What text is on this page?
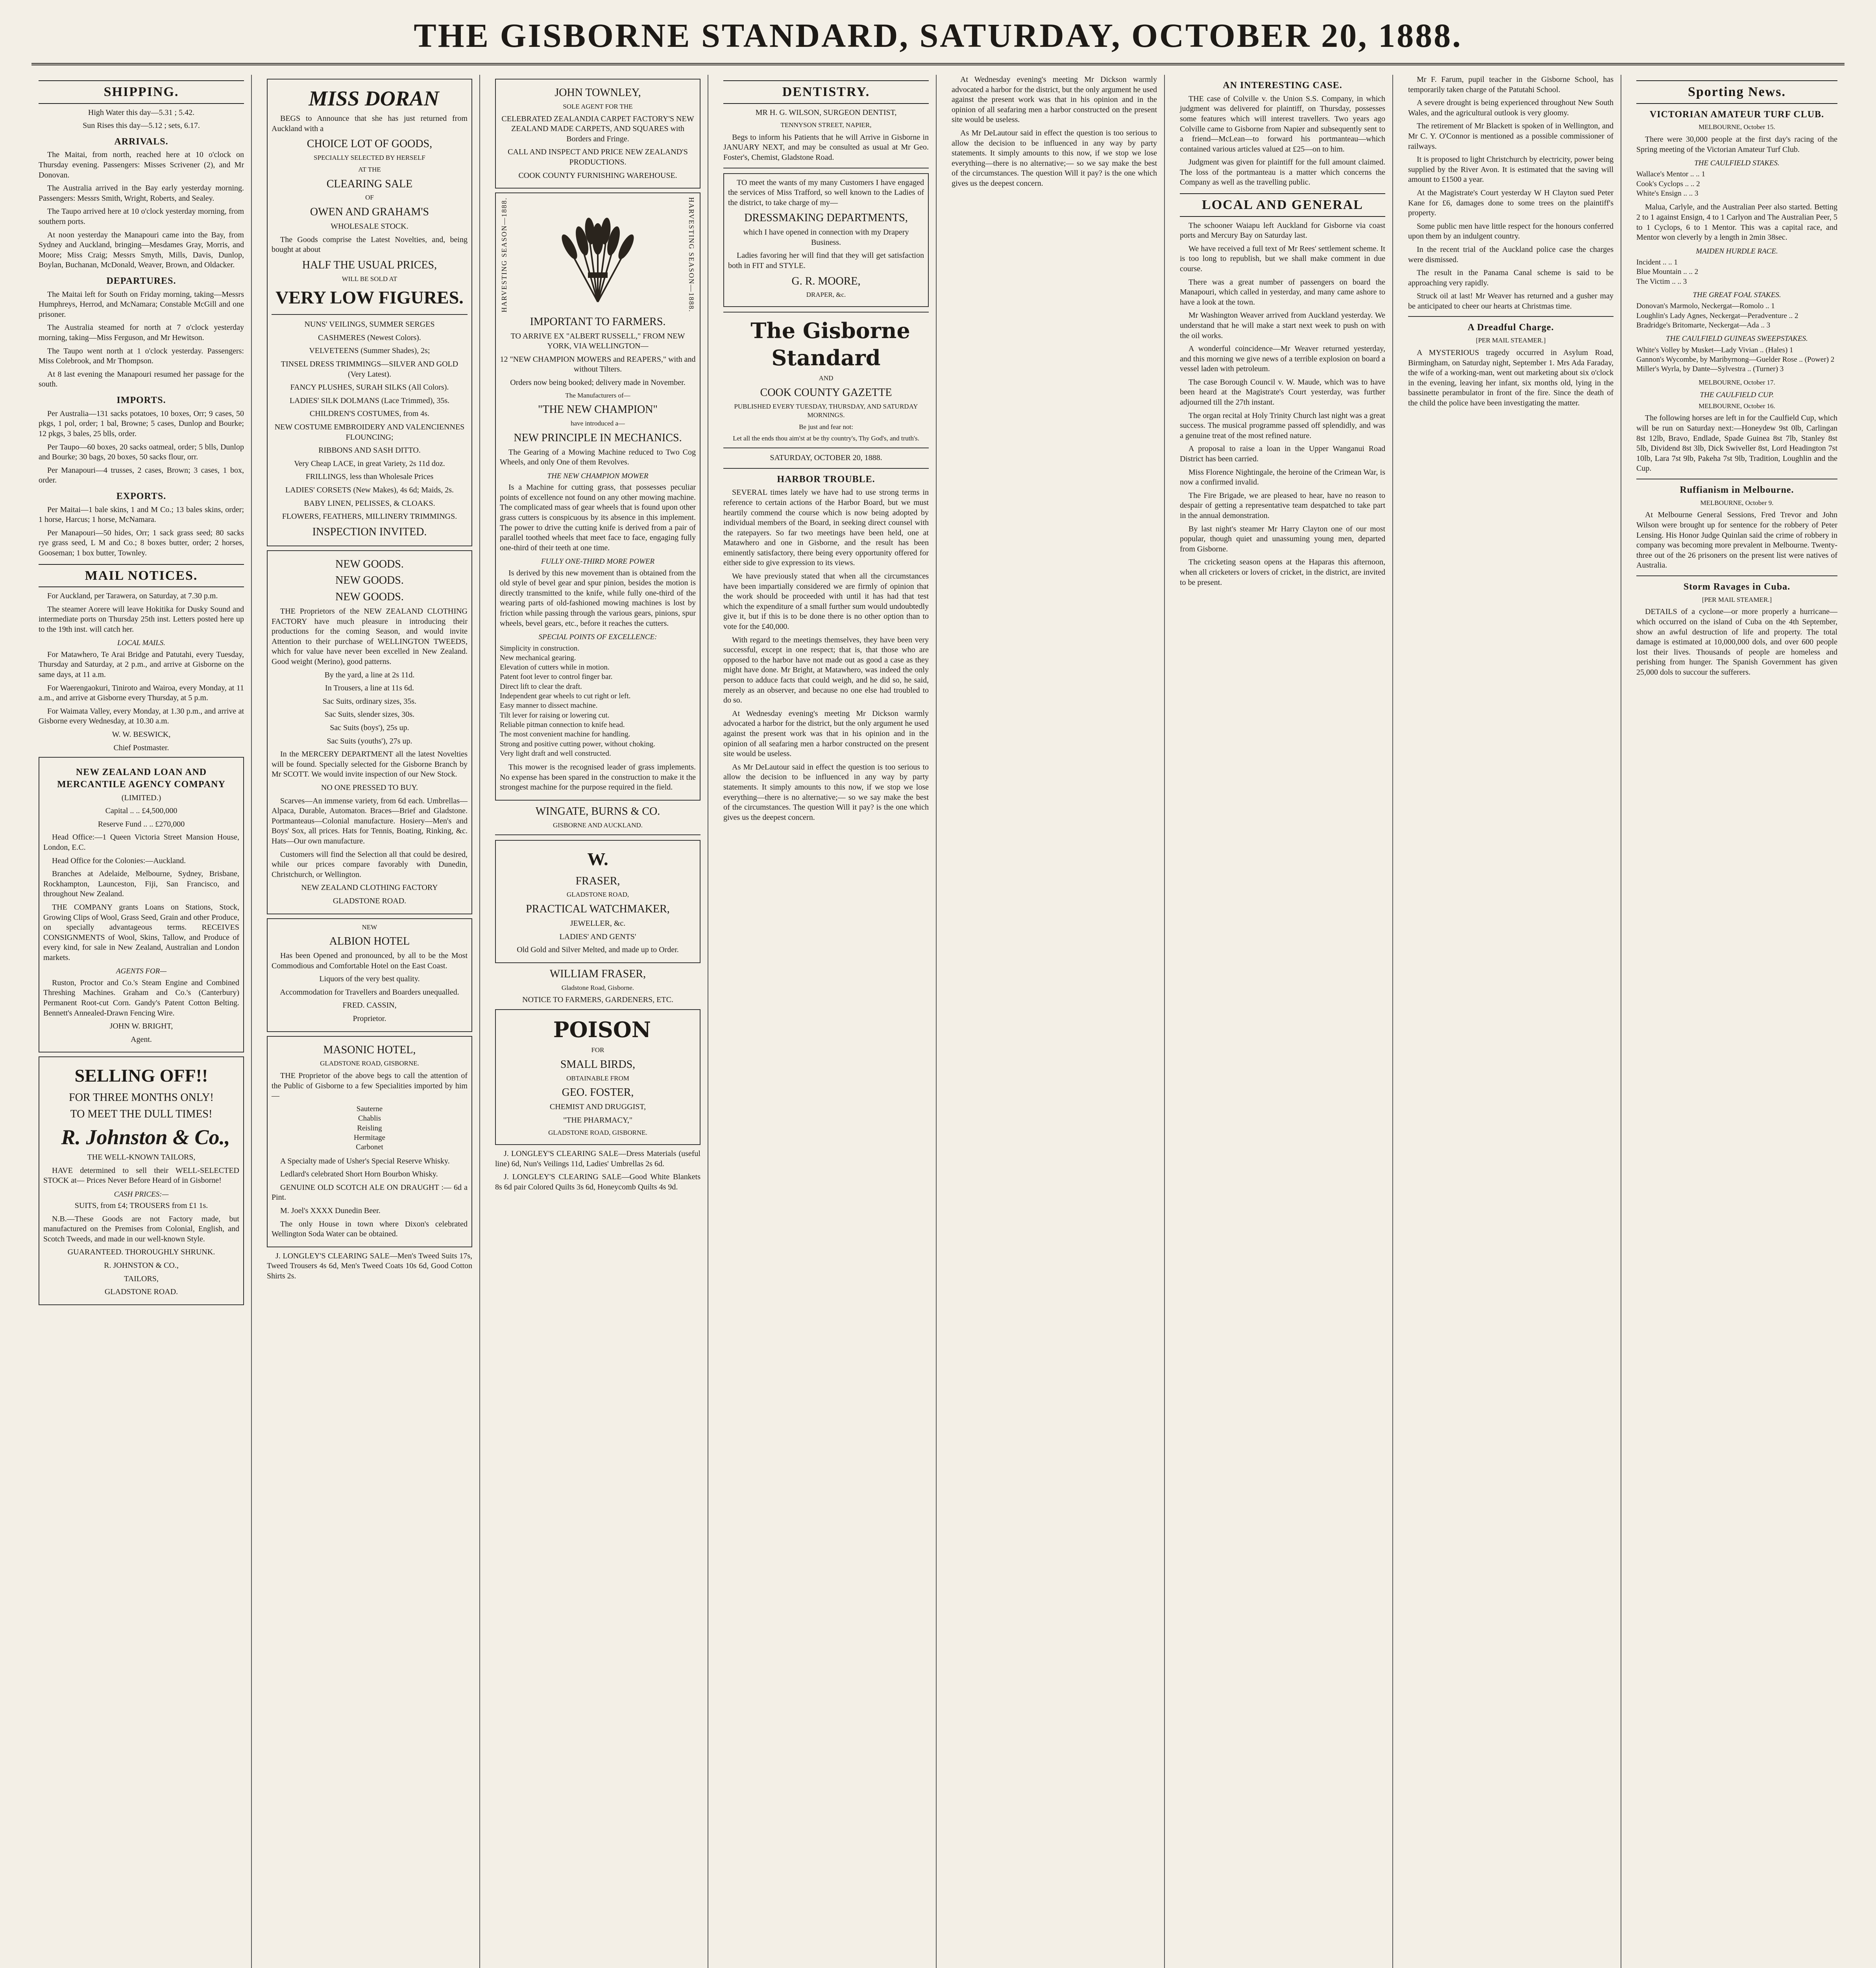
THE GISBORNE STANDARD, SATURDAY, OCTOBER 20, 1888.
SHIPPING.

High Water this day—5.31 ; 5.42.

Sun Rises this day—5.12 ; sets, 6.17.

ARRIVALS.

The Maitai, from north, reached here at 10 o'clock on Thursday evening. Passengers: Misses Scrivener (2), and Mr Donovan.

The Australia arrived in the Bay early yesterday morning. Passengers: Messrs Smith, Wright, Roberts, and Sealey.

The Taupo arrived here at 10 o'clock yesterday morning, from southern ports.

At noon yesterday the Manapouri came into the Bay, from Sydney and Auckland, bringing—Mesdames Gray, Morris, and Moore; Miss Craig; Messrs Smyth, Mills, Davis, Dunlop, Boylan, Buchanan, McDonald, Weaver, Brown, and Oldacker.

DEPARTURES.

The Maitai left for South on Friday morning, taking—Messrs Humphreys, Herrod, and McNamara; Constable McGill and one prisoner.

The Australia steamed for north at 7 o'clock yesterday morning, taking—Miss Ferguson, and Mr Hewitson.

The Taupo went north at 1 o'clock yesterday. Passengers: Miss Colebrook, and Mr Thompson.

At 8 last evening the Manapouri resumed her passage for the south.

IMPORTS.

Per Australia—131 sacks potatoes, 10 boxes, Orr; 9 cases, 50 pkgs, 1 pol, order; 1 bal, Browne; 5 cases, Dunlop and Bourke; 12 pkgs, 3 bales, 25 blls, order.

Per Taupo—60 boxes, 20 sacks oatmeal, order; 5 blls, Dunlop and Bourke; 30 bags, 20 boxes, 50 sacks flour, orr.

Per Manapouri—4 trusses, 2 cases, Brown; 3 cases, 1 box, order.

EXPORTS.

Per Maitai—1 bale skins, 1 and M Co.; 13 bales skins, order; 1 horse, Harcus; 1 horse, McNamara.

Per Manapouri—50 hides, Orr; 1 sack grass seed; 80 sacks rye grass seed, L M and Co.; 8 boxes butter, order; 2 horses, Gooseman; 1 box butter, Townley.

MAIL NOTICES.

For Auckland, per Tarawera, on Saturday, at 7.30 p.m.

The steamer Aorere will leave Hokitika for Dusky Sound and intermediate ports on Thursday 25th inst. Letters posted here up to the 19th inst. will catch her.

LOCAL MAILS.

For Matawhero, Te Arai Bridge and Patutahi, every Tuesday, Thursday and Saturday, at 2 p.m., and arrive at Gisborne on the same days, at 11 a.m.

For Waerengaokuri, Tiniroto and Wairoa, every Monday, at 11 a.m., and arrive at Gisborne every Thursday, at 5 p.m.

For Waimata Valley, every Monday, at 1.30 p.m., and arrive at Gisborne every Wednesday, at 10.30 a.m.

W. W. BESWICK,

Chief Postmaster.

NEW ZEALAND LOAN AND MERCANTILE AGENCY COMPANY

(LIMITED.)

Capital .. .. £4,500,000

Reserve Fund .. .. £270,000

Head Office:—1 Queen Victoria Street Mansion House, London, E.C.

Head Office for the Colonies:—Auckland.

Branches at Adelaide, Melbourne, Sydney, Brisbane, Rockhampton, Launceston, Fiji, San Francisco, and throughout New Zealand.

THE COMPANY grants Loans on Stations, Stock, Growing Clips of Wool, Grass Seed, Grain and other Produce, on specially advantageous terms. RECEIVES CONSIGNMENTS of Wool, Skins, Tallow, and Produce of every kind, for sale in New Zealand, Australian and London markets.

AGENTS FOR—

Ruston, Proctor and Co.'s Steam Engine and Combined Threshing Machines. Graham and Co.'s (Canterbury) Permanent Root-cut Corn. Gandy's Patent Cotton Belting. Bennett's Annealed-Drawn Fencing Wire.

JOHN W. BRIGHT,

Agent.

SELLING OFF!!

FOR THREE MONTHS ONLY!

TO MEET THE DULL TIMES!

R. Johnston & Co.,

THE WELL-KNOWN TAILORS,

HAVE determined to sell their WELL-SELECTED STOCK at— Prices Never Before Heard of in Gisborne!

CASH PRICES:—

SUITS, from £4; TROUSERS from £1 1s.

N.B.—These Goods are not Factory made, but manufactured on the Premises from Colonial, English, and Scotch Tweeds, and made in our well-known Style.

GUARANTEED. THOROUGHLY SHRUNK.

R. JOHNSTON & CO.,

TAILORS,

GLADSTONE ROAD.

MISS DORAN

BEGS to Announce that she has just returned from Auckland with a

CHOICE LOT OF GOODS,

SPECIALLY SELECTED BY HERSELF

AT THE

CLEARING SALE

OF

OWEN AND GRAHAM'S

WHOLESALE STOCK.

The Goods comprise the Latest Novelties, and, being bought at about

HALF THE USUAL PRICES,

WILL BE SOLD AT

VERY LOW FIGURES.

NUNS' VEILINGS, SUMMER SERGES

CASHMERES (Newest Colors).

VELVETEENS (Summer Shades), 2s;

TINSEL DRESS TRIMMINGS—SILVER AND GOLD (Very Latest).

FANCY PLUSHES, SURAH SILKS (All Colors).

LADIES' SILK DOLMANS (Lace Trimmed), 35s.

CHILDREN'S COSTUMES, from 4s.

NEW COSTUME EMBROIDERY AND VALENCIENNES FLOUNCING;

RIBBONS AND SASH DITTO.

Very Cheap LACE, in great Variety, 2s 11d doz.

FRILLINGS, less than Wholesale Prices

LADIES' CORSETS (New Makes), 4s 6d; Maids, 2s.

BABY LINEN, PELISSES, & CLOAKS.

FLOWERS, FEATHERS, MILLINERY TRIMMINGS.

INSPECTION INVITED.

NEW GOODS.

NEW GOODS.

NEW GOODS.

THE Proprietors of the NEW ZEALAND CLOTHING FACTORY have much pleasure in introducing their productions for the coming Season, and would invite Attention to their purchase of WELLINGTON TWEEDS, which for value have never been excelled in New Zealand. Good weight (Merino), good patterns.

By the yard, a line at 2s 11d.

In Trousers, a line at 11s 6d.

Sac Suits, ordinary sizes, 35s.

Sac Suits, slender sizes, 30s.

Sac Suits (boys'), 25s up.

Sac Suits (youths'), 27s up.

In the MERCERY DEPARTMENT all the latest Novelties will be found. Specially selected for the Gisborne Branch by Mr SCOTT. We would invite inspection of our New Stock.

NO ONE PRESSED TO BUY.

Scarves—An immense variety, from 6d each. Umbrellas—Alpaca, Durable, Automaton. Braces—Brief and Gladstone. Portmanteaus—Colonial manufacture. Hosiery—Men's and Boys' Sox, all prices. Hats for Tennis, Boating, Rinking, &c. Hats—Our own manufacture.

Customers will find the Selection all that could be desired, while our prices compare favorably with Dunedin, Christchurch, or Wellington.

NEW ZEALAND CLOTHING FACTORY

GLADSTONE ROAD.

NEW

ALBION HOTEL

Has been Opened and pronounced, by all to be the Most Commodious and Comfortable Hotel on the East Coast.

Liquors of the very best quality.

Accommodation for Travellers and Boarders unequalled.

FRED. CASSIN,

Proprietor.

MASONIC HOTEL,

GLADSTONE ROAD, GISBORNE.

THE Proprietor of the above begs to call the attention of the Public of Gisborne to a few Specialities imported by him—

Sauterne
Chablis
Reisling
Hermitage
Carbonet

A Specialty made of Usher's Special Reserve Whisky.

Ledlard's celebrated Short Horn Bourbon Whisky.

GENUINE OLD SCOTCH ALE ON DRAUGHT :— 6d a Pint.

M. Joel's XXXX Dunedin Beer.

The only House in town where Dixon's celebrated Wellington Soda Water can be obtained.

J. LONGLEY'S CLEARING SALE—Men's Tweed Suits 17s, Tweed Trousers 4s 6d, Men's Tweed Coats 10s 6d, Good Cotton Shirts 2s.

JOHN TOWNLEY,

SOLE AGENT FOR THE

CELEBRATED ZEALANDIA CARPET FACTORY'S NEW ZEALAND MADE CARPETS, AND SQUARES with Borders and Fringe.

CALL AND INSPECT AND PRICE NEW ZEALAND'S PRODUCTIONS.

COOK COUNTY FURNISHING WAREHOUSE.

HARVESTING SEASON—1888.	HARVESTING SEASON—1888.

IMPORTANT TO FARMERS.

TO ARRIVE EX "ALBERT RUSSELL," FROM NEW YORK, VIA WELLINGTON—

12 "NEW CHAMPION MOWERS and REAPERS," with and without Tilters.

Orders now being booked; delivery made in November.

The Manufacturers of—

"THE NEW CHAMPION"

have introduced a—

NEW PRINCIPLE IN MECHANICS.

The Gearing of a Mowing Machine reduced to Two Cog Wheels, and only One of them Revolves.

THE NEW CHAMPION MOWER

Is a Machine for cutting grass, that possesses peculiar points of excellence not found on any other mowing machine. The complicated mass of gear wheels that is found upon other grass cutters is conspicuous by its absence in this implement. The power to drive the cutting knife is derived from a pair of parallel toothed wheels that meet face to face, engaging fully one-third of their teeth at one time.

FULLY ONE-THIRD MORE POWER

Is derived by this new movement than is obtained from the old style of bevel gear and spur pinion, besides the motion is directly transmitted to the knife, while fully one-third of the wearing parts of old-fashioned mowing machines is lost by friction while passing through the various gears, pinions, spur wheels, bevel gears, etc., before it reaches the cutters.

SPECIAL POINTS OF EXCELLENCE:
Simplicity in construction.
New mechanical gearing.
Elevation of cutters while in motion.
Patent foot lever to control finger bar.
Direct lift to clear the draft.
Independent gear wheels to cut right or left.
Easy manner to dissect machine.
Tilt lever for raising or lowering cut.
Reliable pitman connection to knife head.
The most convenient machine for handling.
Strong and positive cutting power, without choking.
Very light draft and well constructed.

This mower is the recognised leader of grass implements. No expense has been spared in the construction to make it the strongest machine for the purpose required in the field.

WINGATE, BURNS & CO.

GISBORNE AND AUCKLAND.

W.

FRASER,

GLADSTONE ROAD,

PRACTICAL WATCHMAKER,

JEWELLER, &c.

LADIES' AND GENTS'

Old Gold and Silver Melted, and made up to Order.

WILLIAM FRASER,

Gladstone Road, Gisborne.

NOTICE TO FARMERS, GARDENERS, ETC.

POISON

FOR

SMALL BIRDS,

OBTAINABLE FROM

GEO. FOSTER,

CHEMIST AND DRUGGIST,

"THE PHARMACY,"

GLADSTONE ROAD, GISBORNE.

J. LONGLEY'S CLEARING SALE—Dress Materials (useful line) 6d, Nun's Veilings 11d, Ladies' Umbrellas 2s 6d.

J. LONGLEY'S CLEARING SALE—Good White Blankets 8s 6d pair Colored Quilts 3s 6d, Honeycomb Quilts 4s 9d.

DENTISTRY.

MR H. G. WILSON, SURGEON DENTIST,

TENNYSON STREET, NAPIER,

Begs to inform his Patients that he will Arrive in Gisborne in JANUARY NEXT, and may be consulted as usual at Mr Geo. Foster's, Chemist, Gladstone Road.

TO meet the wants of my many Customers I have engaged the services of Miss Trafford, so well known to the Ladies of the district, to take charge of my—

DRESSMAKING DEPARTMENTS,

which I have opened in connection with my Drapery Business.

Ladies favoring her will find that they will get satisfaction both in FIT and STYLE.

G. R. MOORE,

DRAPER, &c.

The Gisborne Standard

AND

COOK COUNTY GAZETTE

PUBLISHED EVERY TUESDAY, THURSDAY, AND SATURDAY MORNINGS.

Be just and fear not:

Let all the ends thou aim'st at be thy country's, Thy God's, and truth's.

SATURDAY, OCTOBER 20, 1888.

HARBOR TROUBLE.

SEVERAL times lately we have had to use strong terms in reference to certain actions of the Harbor Board, but we must heartily commend the course which is now being adopted by individual members of the Board, in seeking direct counsel with the ratepayers. So far two meetings have been held, one at Matawhero and one in Gisborne, and the result has been eminently satisfactory, there being every opportunity offered for either side to give expression to its views.

We have previously stated that when all the circumstances have been impartially considered we are firmly of opinion that the work should be proceeded with until it has had that test which the expenditure of a small further sum would undoubtedly give it, but if this is to be done there is no other option than to vote for the £40,000.

With regard to the meetings themselves, they have been very successful, except in one respect; that is, that those who are opposed to the harbor have not made out as good a case as they might have done. Mr Bright, at Matawhero, was indeed the only person to adduce facts that could weigh, and he did so, he said, merely as an observer, and because no one else had troubled to do so.

At Wednesday evening's meeting Mr Dickson warmly advocated a harbor for the district, but the only argument he used against the present work was that in his opinion and in the opinion of all seafaring men a harbor constructed on the present site would be useless.

As Mr DeLautour said in effect the question is too serious to allow the decision to be influenced in any way by party statements. It simply amounts to this now, if we stop we lose everything—there is no alternative;— so we say make the best of the circumstances. The question Will it pay? is the one which gives us the deepest concern.

At Wednesday evening's meeting Mr Dickson warmly advocated a harbor for the district, but the only argument he used against the present work was that in his opinion and in the opinion of all seafaring men a harbor constructed on the present site would be useless.

As Mr DeLautour said in effect the question is too serious to allow the decision to be influenced in any way by party statements. It simply amounts to this now, if we stop we lose everything—there is no alternative;— so we say make the best of the circumstances. The question Will it pay? is the one which gives us the deepest concern.

AN INTERESTING CASE.

THE case of Colville v. the Union S.S. Company, in which judgment was delivered for plaintiff, on Thursday, possesses some features which will interest travellers. Two years ago Colville came to Gisborne from Napier and subsequently sent to a friend—McLean—to forward his portmanteau—which contained various articles valued at £25—on to him.

Judgment was given for plaintiff for the full amount claimed. The loss of the portmanteau is a matter which concerns the Company as well as the travelling public.

LOCAL AND GENERAL

The schooner Waiapu left Auckland for Gisborne via coast ports and Mercury Bay on Saturday last.

We have received a full text of Mr Rees' settlement scheme. It is too long to republish, but we shall make comment in due course.

There was a great number of passengers on board the Manapouri, which called in yesterday, and many came ashore to have a look at the town.

Mr Washington Weaver arrived from Auckland yesterday. We understand that he will make a start next week to push on with the oil works.

A wonderful coincidence—Mr Weaver returned yesterday, and this morning we give news of a terrible explosion on board a vessel laden with petroleum.

The case Borough Council v. W. Maude, which was to have been heard at the Magistrate's Court yesterday, was further adjourned till the 27th instant.

The organ recital at Holy Trinity Church last night was a great success. The musical programme passed off splendidly, and was a genuine treat of the most refined nature.

A proposal to raise a loan in the Upper Wanganui Road District has been carried.

Miss Florence Nightingale, the heroine of the Crimean War, is now a confirmed invalid.

The Fire Brigade, we are pleased to hear, have no reason to despair of getting a representative team despatched to take part in the annual demonstration.

By last night's steamer Mr Harry Clayton one of our most popular, though quiet and unassuming young men, departed from Gisborne.

The cricketing season opens at the Haparas this afternoon, when all cricketers or lovers of cricket, in the district, are invited to be present.

Mr F. Farum, pupil teacher in the Gisborne School, has temporarily taken charge of the Patutahi School.

A severe drought is being experienced throughout New South Wales, and the agricultural outlook is very gloomy.

The retirement of Mr Blackett is spoken of in Wellington, and Mr C. Y. O'Connor is mentioned as a possible commissioner of railways.

It is proposed to light Christchurch by electricity, power being supplied by the River Avon. It is estimated that the saving will amount to £1500 a year.

At the Magistrate's Court yesterday W H Clayton sued Peter Kane for £6, damages done to some trees on the plaintiff's property.

Some public men have little respect for the honours conferred upon them by an indulgent country.

In the recent trial of the Auckland police case the charges were dismissed.

The result in the Panama Canal scheme is said to be approaching very rapidly.

Struck oil at last! Mr Weaver has returned and a gusher may be anticipated to cheer our hearts at Christmas time.

A Dreadful Charge.

[PER MAIL STEAMER.]

A MYSTERIOUS tragedy occurred in Asylum Road, Birmingham, on Saturday night, September 1. Mrs Ada Faraday, the wife of a working-man, went out marketing about six o'clock in the evening, leaving her infant, six months old, lying in the bassinette perambulator in front of the fire. Since the death of the child the police have been investigating the matter.

Sporting News.
VICTORIAN AMATEUR TURF CLUB.

MELBOURNE, October 15.

There were 30,000 people at the first day's racing of the Spring meeting of the Victorian Amateur Turf Club.

THE CAULFIELD STAKES.
Wallace's Mentor .. .. 1
Cook's Cyclops .. .. 2
White's Ensign .. .. 3

Malua, Carlyle, and the Australian Peer also started. Betting 2 to 1 against Ensign, 4 to 1 Carlyon and The Australian Peer, 5 to 1 Cyclops, 6 to 1 Mentor. This was a capital race, and Mentor won cleverly by a length in 2min 38sec.

MAIDEN HURDLE RACE.
Incident .. .. 1
Blue Mountain .. .. 2
The Victim .. .. 3
THE GREAT FOAL STAKES.
Donovan's Marmolo, Neckergat—Romolo .. 1
Loughlin's Lady Agnes, Neckergat—Peradventure .. 2
Bradridge's Britomarte, Neckergat—Ada .. 3
THE CAULFIELD GUINEAS SWEEPSTAKES.
White's Volley by Musket—Lady Vivian .. (Hales) 1
Gannon's Wycombe, by Maribyrnong—Guelder Rose .. (Power) 2
Miller's Wyrla, by Dante—Sylvestra .. (Turner) 3

MELBOURNE, October 17.

THE CAULFIELD CUP.

MELBOURNE, October 16.

The following horses are left in for the Caulfield Cup, which will be run on Saturday next:—Honeydew 9st 0lb, Carlingan 8st 12lb, Bravo, Endlade, Spade Guinea 8st 7lb, Stanley 8st 5lb, Dividend 8st 3lb, Dick Swiveller 8st, Lord Headington 7st 10lb, Lara 7st 9lb, Pakeha 7st 9lb, Tradition, Loughlin and the Cup.

Ruffianism in Melbourne.

MELBOURNE, October 9.

At Melbourne General Sessions, Fred Trevor and John Wilson were brought up for sentence for the robbery of Peter Lensing. His Honor Judge Quinlan said the crime of robbery in company was becoming more prevalent in Melbourne. Twenty-three out of the 26 prisoners on the present list were natives of Australia.

Storm Ravages in Cuba.

[PER MAIL STEAMER.]

DETAILS of a cyclone—or more properly a hurricane—which occurred on the island of Cuba on the 4th September, show an awful destruction of life and property. The total damage is estimated at 10,000,000 dols, and over 600 people lost their lives. Thousands of people are homeless and perishing from hunger. The Spanish Government has given 25,000 dols to succour the sufferers.
